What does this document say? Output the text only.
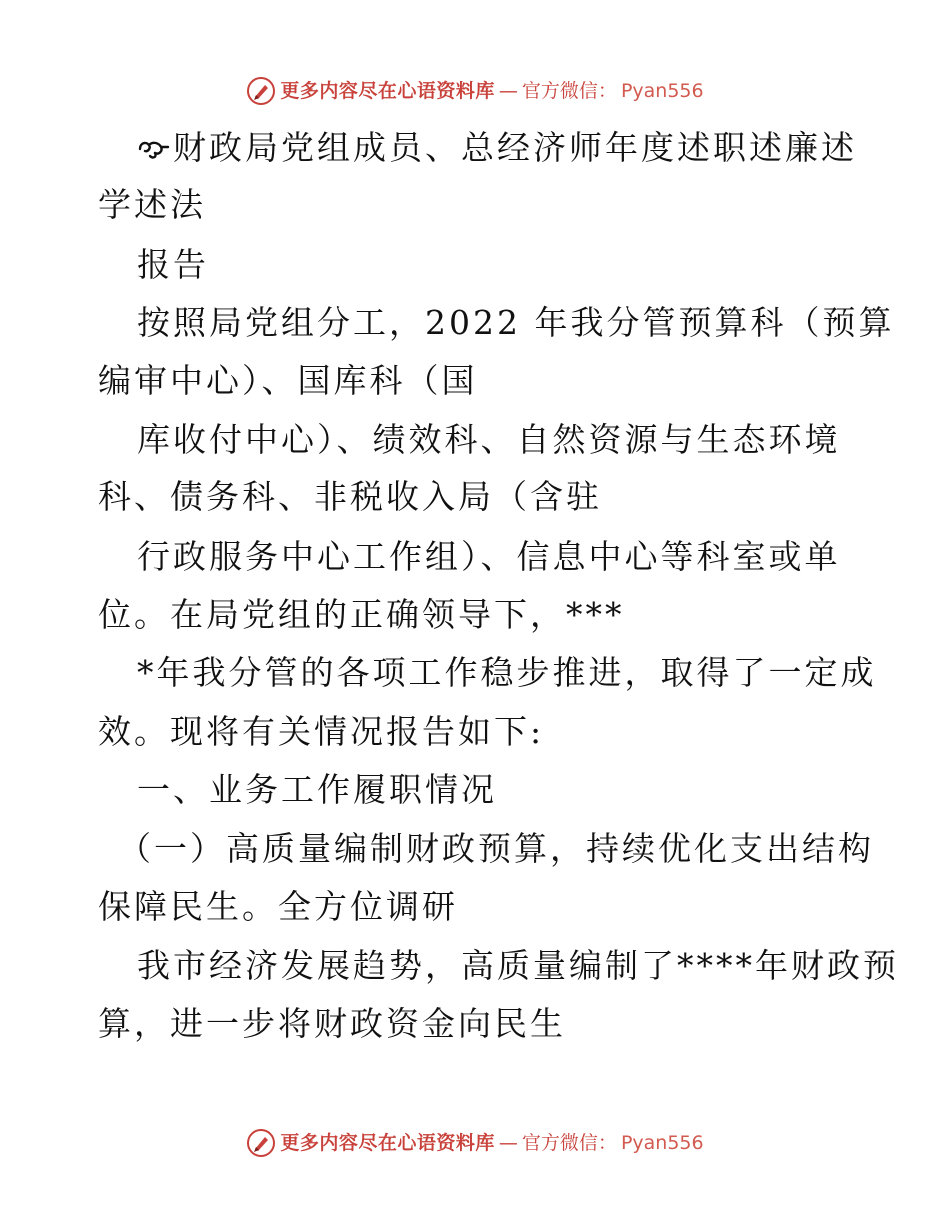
更多内容尽在心语资料库 — 官方微信： Pyan556
财政局党组成员、总经济师年度述职述廉述
学述法
报告
按照局党组分工，2022 年我分管预算科（预算
编审中心）、国库科（国
库收付中心）、绩效科、自然资源与生态环境
科、债务科、非税收入局（含驻
行政服务中心工作组）、信息中心等科室或单
位。在局党组的正确领导下，***
*年我分管的各项工作稳步推进，取得了一定成
效。现将有关情况报告如下:
一、业务工作履职情况
（一）高质量编制财政预算，持续优化支出结构
保障民生。全方位调研
我市经济发展趋势，高质量编制了****年财政预
算，进一步将财政资金向民生
更多内容尽在心语资料库 — 官方微信： Pyan556
